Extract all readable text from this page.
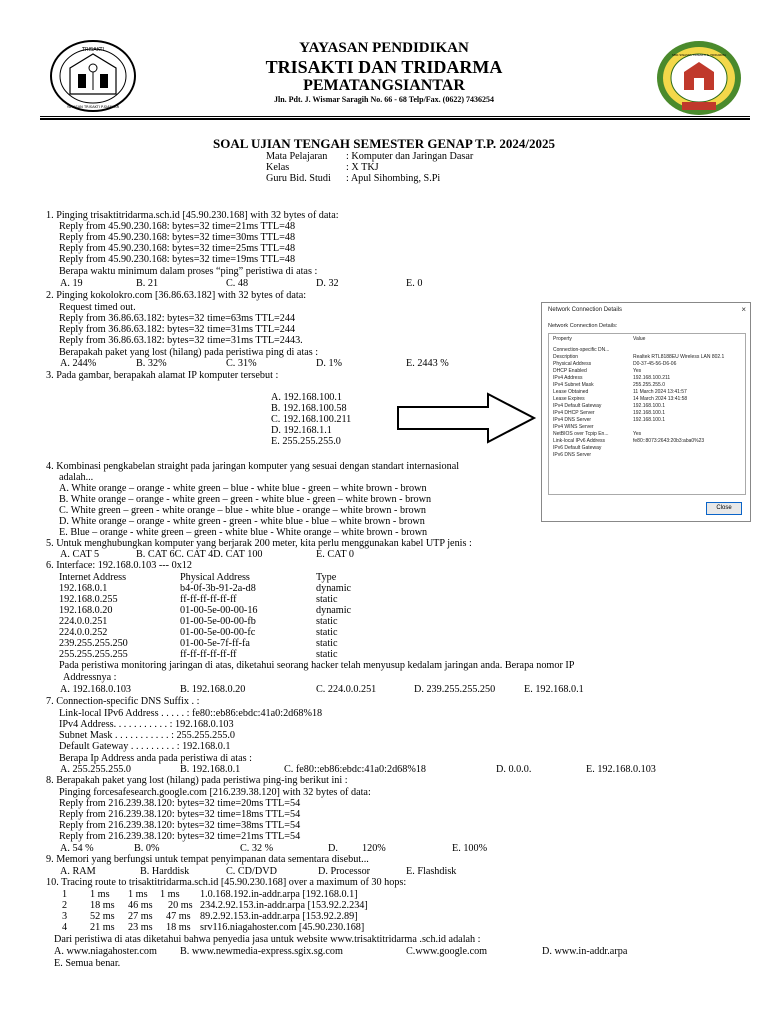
TRISAKTI
YAYASAN TRISAKTI P.SIANTAR
YAYASAN PENDIDIKAN
TRISAKTI DAN TRIDARMA
PEMATANGSIANTAR
Jln. Pdt. J. Wismar Saragih No. 66 - 68 Telp/Fax. (0622) 7436254
SMK SWASTA TRISAKTI & TRIDARMA
SOAL UJIAN TENGAH SEMESTER GENAP T.P. 2024/2025
Mata Pelajaran : Komputer dan Jaringan Dasar
Kelas	: X TKJ
Guru Bid. Studi : Apul Sihombing, S.Pi
1. Pinging trisaktitridarma.sch.id [45.90.230.168] with 32 bytes of data:
Reply from 45.90.230.168: bytes=32 time=21ms TTL=48
Reply from 45.90.230.168: bytes=32 time=30ms TTL=48
Reply from 45.90.230.168: bytes=32 time=25ms TTL=48
Reply from 45.90.230.168: bytes=32 time=19ms TTL=48
Berapa waktu minimum dalam proses “ping” peristiwa di atas :
A. 19	B. 21	C. 48	D. 32	E. 0
2. Pinging kokolokro.com [36.86.63.182] with 32 bytes of data:
Request timed out.
Reply from 36.86.63.182: bytes=32 time=63ms TTL=244
Reply from 36.86.63.182: bytes=32 time=31ms TTL=244
Reply from 36.86.63.182: bytes=32 time=31ms TTL=2443.
Berapakah paket yang lost (hilang) pada peristiwa ping di atas :
A. 244%	B. 32%	C. 31%	D. 1%	E. 2443 %
3. Pada gambar, berapakah alamat IP komputer tersebut :
A. 192.168.100.1
B. 192.168.100.58
C. 192.168.100.211
D. 192.168.1.1
E. 255.255.255.0
Network Connection Details	×
Network Connection Details:
Property	Value
Connection-specific DN...
Description	Realtek RTL8188EU Wireless LAN 802.1
Physical Address	D0-37-45-56-D6-06
DHCP Enabled	Yes
IPv4 Address	192.168.100.211
IPv4 Subnet Mask	255.255.255.0
Lease Obtained	11 March 2024 13:41:57
Lease Expires	14 March 2024 13:41:58
IPv4 Default Gateway	192.168.100.1
IPv4 DHCP Server	192.168.100.1
IPv4 DNS Server	192.168.100.1
IPv4 WINS Server
NetBIOS over Tcpip En...	Yes
Link-local IPv6 Address	fe80::8073:2643:20b3:aba0%23
IPv6 Default Gateway
IPv6 DNS Server
Close
4. Kombinasi pengkabelan straight pada jaringan komputer yang sesuai dengan standart internasional
adalah...
A. White orange – orange - white green – blue - white blue - green – white brown - brown
B. White orange – orange - white green – green - white blue - green – white brown - brown
C. White green – green - white orange – blue - white blue - orange – white brown - brown
D. White orange – orange - white green - green - white blue - blue – white brown - brown
E. Blue – orange - white green – green - white blue - White orange – white brown - brown
5. Untuk menghubungkan komputer yang berjarak 200 meter, kita perlu menggunakan kabel UTP jenis :
A. CAT 5	B. CAT 6C. CAT 4D. CAT 100	E. CAT 0
6. Interface: 192.168.0.103 --- 0x12
Internet Address	Physical Address	Type
192.168.0.1	b4-0f-3b-91-2a-d8	dynamic
192.168.0.255	ff-ff-ff-ff-ff-ff	static
192.168.0.20	01-00-5e-00-00-16	dynamic
224.0.0.251	01-00-5e-00-00-fb	static
224.0.0.252	01-00-5e-00-00-fc	static
239.255.255.250	01-00-5e-7f-ff-fa	static
255.255.255.255	ff-ff-ff-ff-ff-ff	static
Pada peristiwa monitoring jaringan di atas, diketahui seorang hacker telah menyusup kedalam jaringan anda. Berapa nomor IP
Addressnya :
A. 192.168.0.103	B. 192.168.0.20	C. 224.0.0.251	D. 239.255.255.250	E. 192.168.0.1
7. Connection-specific DNS Suffix . :
Link-local IPv6 Address . . . . . : fe80::eb86:ebdc:41a0:2d68%18
IPv4 Address. . . . . . . . . . . : 192.168.0.103
Subnet Mask . . . . . . . . . . . : 255.255.255.0
Default Gateway . . . . . . . . . : 192.168.0.1
Berapa Ip Address anda pada peristiwa di atas :
A. 255.255.255.0	B. 192.168.0.1	C. fe80::eb86:ebdc:41a0:2d68%18	D. 0.0.0.	E. 192.168.0.103
8. Berapakah paket yang lost (hilang) pada peristiwa ping-ing berikut ini :
Pinging forcesafesearch.google.com [216.239.38.120] with 32 bytes of data:
Reply from 216.239.38.120: bytes=32 time=20ms TTL=54
Reply from 216.239.38.120: bytes=32 time=18ms TTL=54
Reply from 216.239.38.120: bytes=32 time=38ms TTL=54
Reply from 216.239.38.120: bytes=32 time=21ms TTL=54
A. 54 %	B. 0%	C. 32 %	D. 120%	E. 100%
9. Memori yang berfungsi untuk tempat penyimpanan data sementara disebut...
A. RAM	B. Harddisk	C. CD/DVD	D. Processor	E. Flashdisk
10. Tracing route to trisaktitridarma.sch.id [45.90.230.168] over a maximum of 30 hops:
1 1 ms 1 ms 1 ms 1.0.168.192.in-addr.arpa [192.168.0.1]
2 18 ms 46 ms 20 ms 234.2.92.153.in-addr.arpa [153.92.2.234]
3 52 ms 27 ms 47 ms 89.2.92.153.in-addr.arpa [153.92.2.89]
4 21 ms 23 ms 18 ms srv116.niagahoster.com [45.90.230.168]
Dari peristiwa di atas diketahui bahwa penyedia jasa untuk website www.trisaktitridarma .sch.id adalah :
A. www.niagahoster.com B. www.newmedia-express.sgix.sg.com	C.www.google.com	D. www.in-addr.arpa
E. Semua benar.
